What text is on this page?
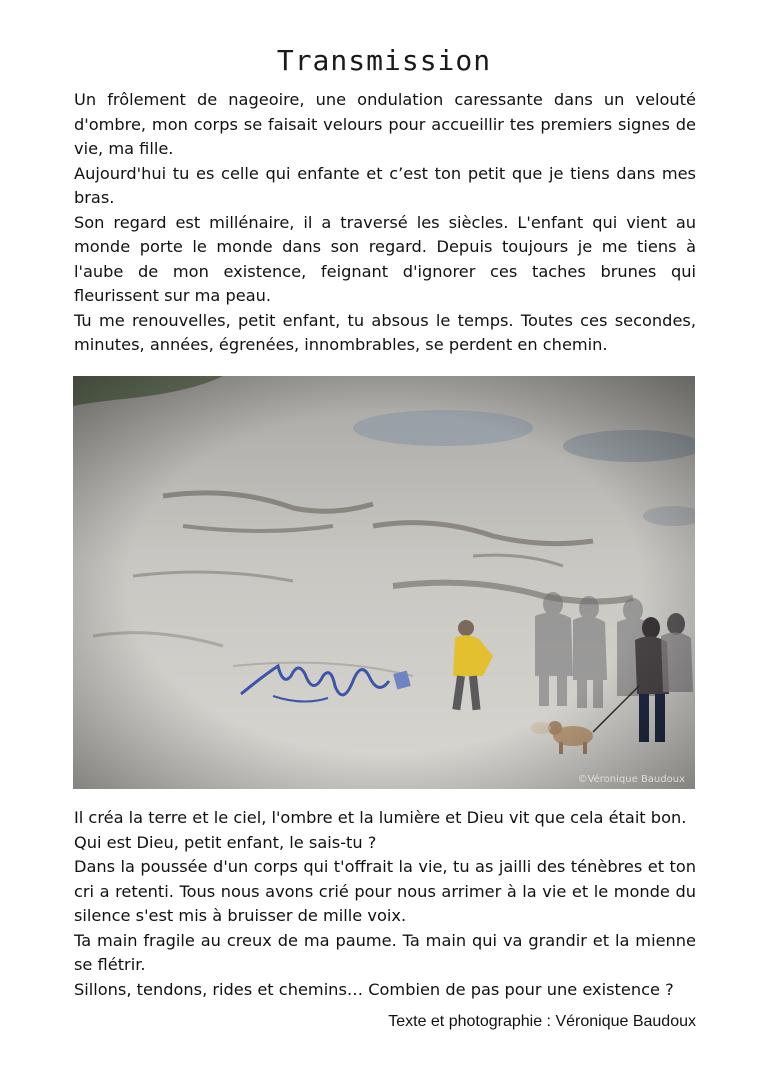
Transmission

Un frôlement de nageoire, une ondulation caressante dans un velouté d'ombre, mon corps se faisait velours pour accueillir tes premiers signes de vie, ma fille.

Aujourd'hui tu es celle qui enfante et c’est ton petit que je tiens dans mes bras.

Son regard est millénaire, il a traversé les siècles. L'enfant qui vient au monde porte le monde dans son regard. Depuis toujours je me tiens à l'aube de mon existence, feignant d'ignorer ces taches brunes qui fleurissent sur ma peau.

Tu me renouvelles, petit enfant, tu absous le temps. Toutes ces secondes, minutes, années, égrenées, innombrables, se perdent en chemin.

©Véronique Baudoux

Il créa la terre et le ciel, l'ombre et la lumière et Dieu vit que cela était bon.

Qui est Dieu, petit enfant, le sais-tu ?

Dans la poussée d'un corps qui t'offrait la vie, tu as jailli des ténèbres et ton cri a retenti. Tous nous avons crié pour nous arrimer à la vie et le monde du silence s'est mis à bruisser de mille voix.

Ta main fragile au creux de ma paume. Ta main qui va grandir et la mienne se flétrir.

Sillons, tendons, rides et chemins… Combien de pas pour une existence ?

Texte et photographie : Véronique Baudoux
